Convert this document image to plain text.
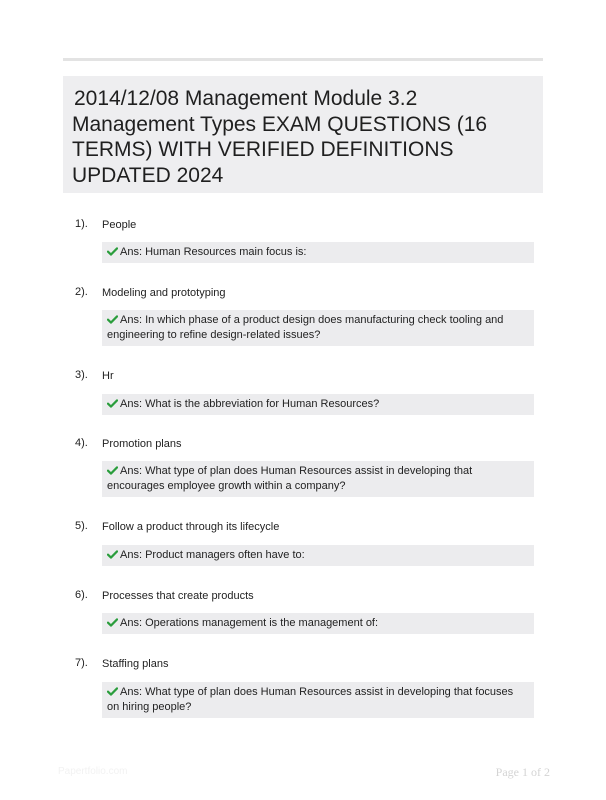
2014/12/08 Management Module 3.2 Management Types EXAM QUESTIONS (16 TERMS) WITH VERIFIED DEFINITIONS UPDATED 2024
1). People
Ans: Human Resources main focus is:
2). Modeling and prototyping
Ans: In which phase of a product design does manufacturing check tooling and engineering to refine design-related issues?
3). Hr
Ans: What is the abbreviation for Human Resources?
4). Promotion plans
Ans: What type of plan does Human Resources assist in developing that encourages employee growth within a company?
5). Follow a product through its lifecycle
Ans: Product managers often have to:
6). Processes that create products
Ans: Operations management is the management of:
7). Staffing plans
Ans: What type of plan does Human Resources assist in developing that focuses on hiring people?
Papertfolio.com	Page 1 of 2
